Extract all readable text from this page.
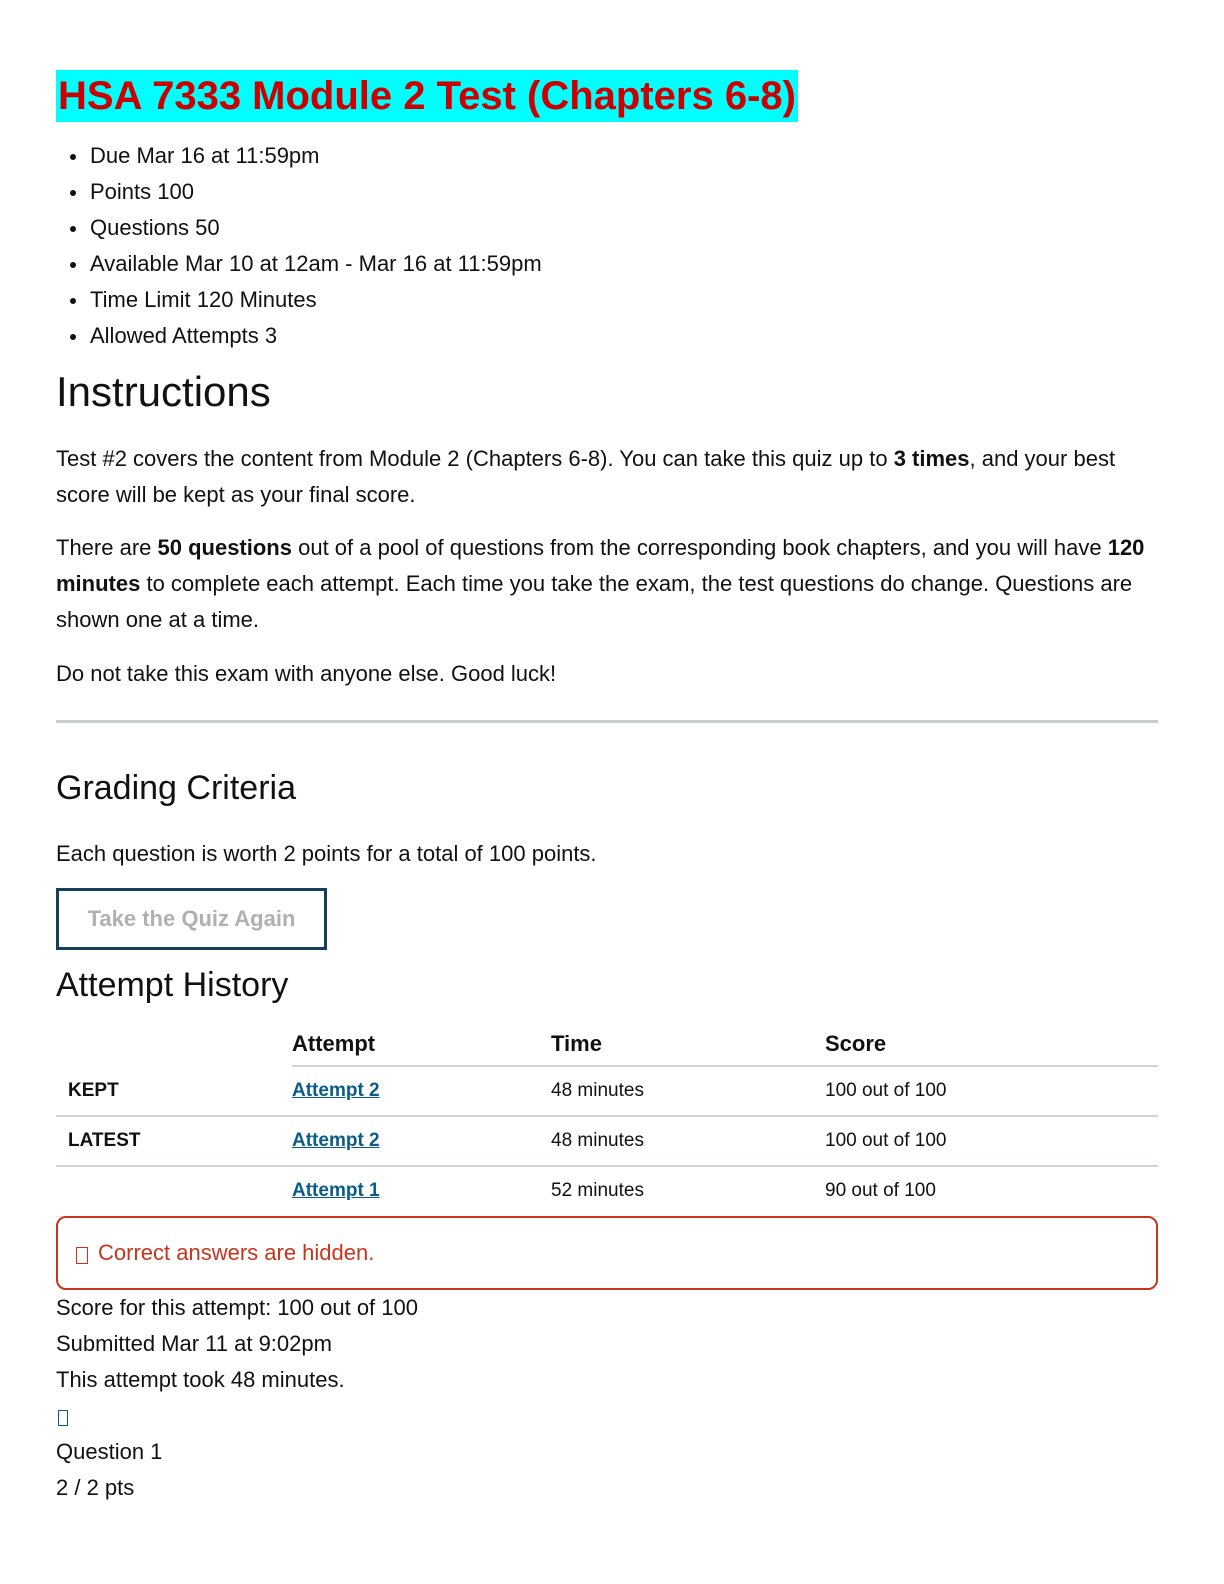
HSA 7333 Module 2 Test (Chapters 6-8)
Due Mar 16 at 11:59pm
Points 100
Questions 50
Available Mar 10 at 12am - Mar 16 at 11:59pm
Time Limit 120 Minutes
Allowed Attempts 3
Instructions

Test #2 covers the content from Module 2 (Chapters 6-8). You can take this quiz up to 3 times, and your best score will be kept as your final score.

There are 50 questions out of a pool of questions from the corresponding book chapters, and you will have 120 minutes to complete each attempt. Each time you take the exam, the test questions do change. Questions are shown one at a time.

Do not take this exam with anyone else. Good luck!

Grading Criteria

Each question is worth 2 points for a total of 100 points.

Take the Quiz Again
Attempt History
	Attempt	Time	Score
KEPT	Attempt 2	48 minutes	100 out of 100
LATEST	Attempt 2	48 minutes	100 out of 100
	Attempt 1	52 minutes	90 out of 100
Correct answers are hidden.
Score for this attempt: 100 out of 100
Submitted Mar 11 at 9:02pm
This attempt took 48 minutes.
Question 1
2 / 2 pts
